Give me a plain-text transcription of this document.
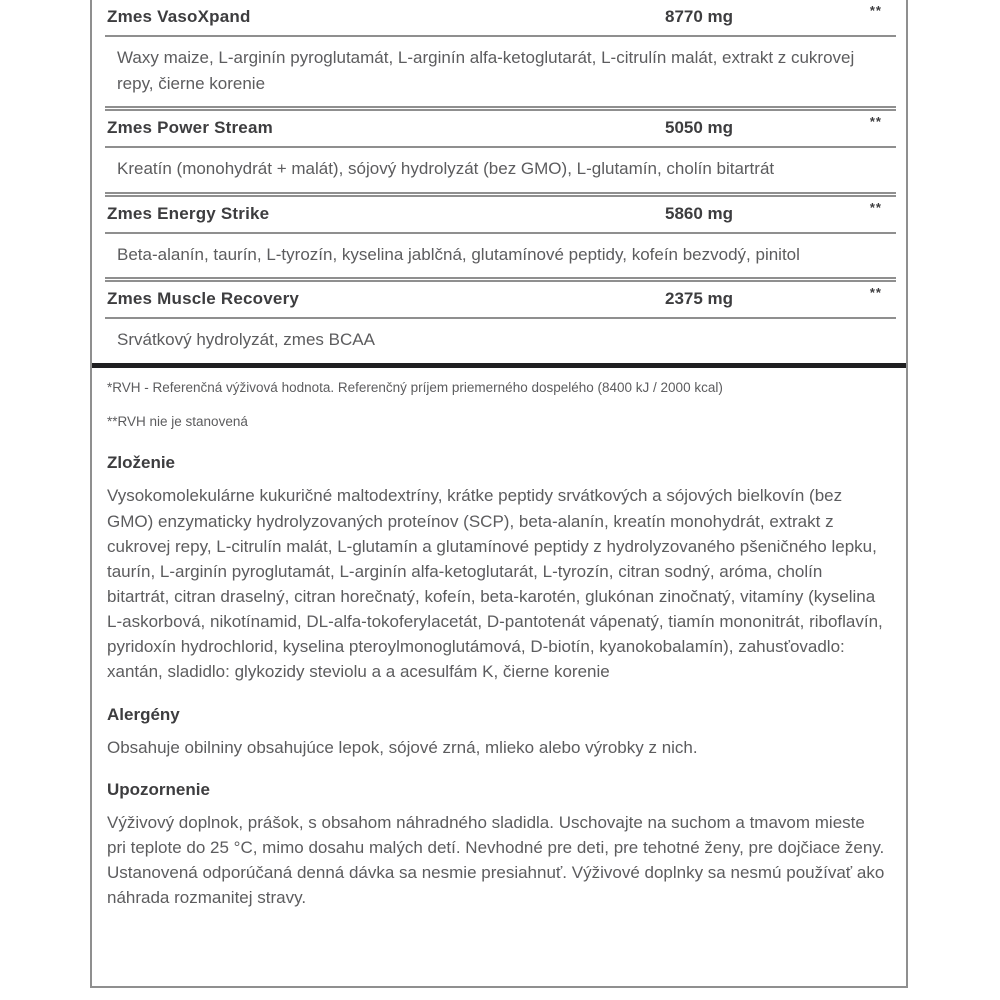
Zmes VasoXpand	8770 mg	**
Waxy maize, L-arginín pyroglutamát, L-arginín alfa-ketoglutarát, L-citrulín malát, extrakt z cukrovej repy, čierne korenie
Zmes Power Stream	5050 mg	**
Kreatín (monohydrát + malát), sójový hydrolyzát (bez GMO), L-glutamín, cholín bitartrát
Zmes Energy Strike	5860 mg	**
Beta-alanín, taurín, L-tyrozín, kyselina jablčná, glutamínové peptidy, kofeín bezvodý, pinitol
Zmes Muscle Recovery	2375 mg	**
Srvátkový hydrolyzát, zmes BCAA
*RVH - Referenčná výživová hodnota. Referenčný príjem priemerného dospelého (8400 kJ / 2000 kcal)
**RVH nie je stanovená
Zloženie
Vysokomolekulárne kukuričné maltodextríny, krátke peptidy srvátkových a sójových bielkovín (bez GMO) enzymaticky hydrolyzovaných proteínov (SCP), beta-alanín, kreatín monohydrát, extrakt z cukrovej repy, L-citrulín malát, L-glutamín a glutamínové peptidy z hydrolyzovaného pšeničného lepku, taurín, L-arginín pyroglutamát, L-arginín alfa-ketoglutarát, L-tyrozín, citran sodný, aróma, cholín bitartrát, citran draselný, citran horečnatý, kofeín, beta-karotén, glukónan zinočnatý, vitamíny (kyselina L-askorbová, nikotínamid, DL-alfa-tokoferylacetát, D-pantotenát vápenatý, tiamín mononitrát, riboflavín, pyridoxín hydrochlorid, kyselina pteroylmonoglutámová, D-biotín, kyanokobalamín), zahusťovadlo: xantán, sladidlo: glykozidy steviolu a a acesulfám K, čierne korenie
Alergény
Obsahuje obilniny obsahujúce lepok, sójové zrná, mlieko alebo výrobky z nich.
Upozornenie
Výživový doplnok, prášok, s obsahom náhradného sladidla. Uschovajte na suchom a tmavom mieste pri teplote do 25 °C, mimo dosahu malých detí. Nevhodné pre deti, pre tehotné ženy, pre dojčiace ženy. Ustanovená odporúčaná denná dávka sa nesmie presiahnuť. Výživové doplnky sa nesmú používať ako náhrada rozmanitej stravy.
